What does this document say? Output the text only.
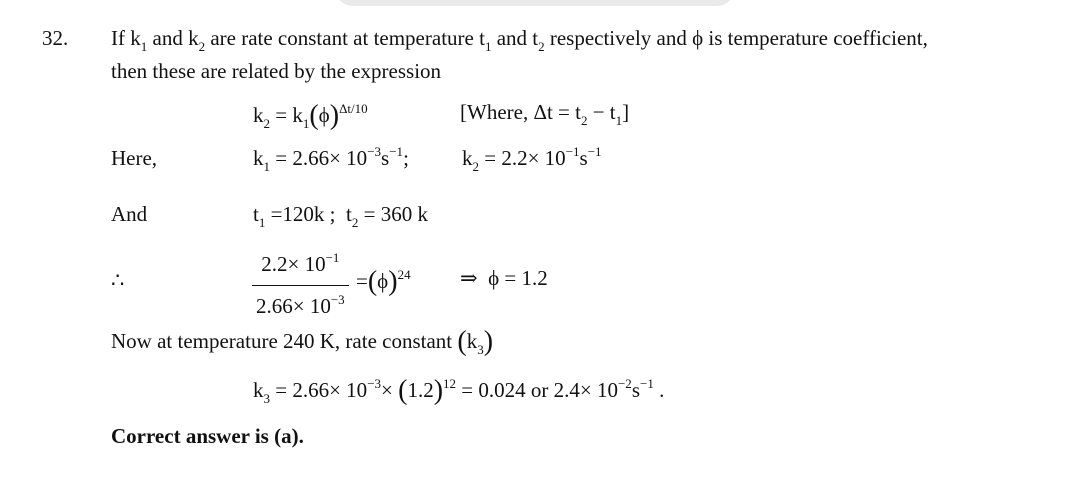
32. If $k_1$ and $k_2$ are rate constant at temperature $t_1$ and $t_2$ respectively and ϕ is temperature coefficient,
then these are related by the expression
$k_2 = k_1(\phi)^{\Delta t/10}$	[Where, $\Delta t = t_2 - t_1$]
Here,	$k_1 = 2.66\times 10^{-3}s^{-1}$;	$k_2 = 2.2\times 10^{-1}s^{-1}$
And	$t_1 =120k$ ; $t_2 = 360$ k
∴
$2.2\times 10^{-1}$
$2.66\times 10^{-3}$
$=(\phi)^{24}$ ⇒ ϕ = 1.2
Now at temperature 240 K, rate constant $(k_3)$
$k_3 = 2.66\times 10^{-3}\times (1.2)^{12} = 0.024$ or $2.4\times 10^{-2}s^{-1}$ .
Correct answer is (a).
